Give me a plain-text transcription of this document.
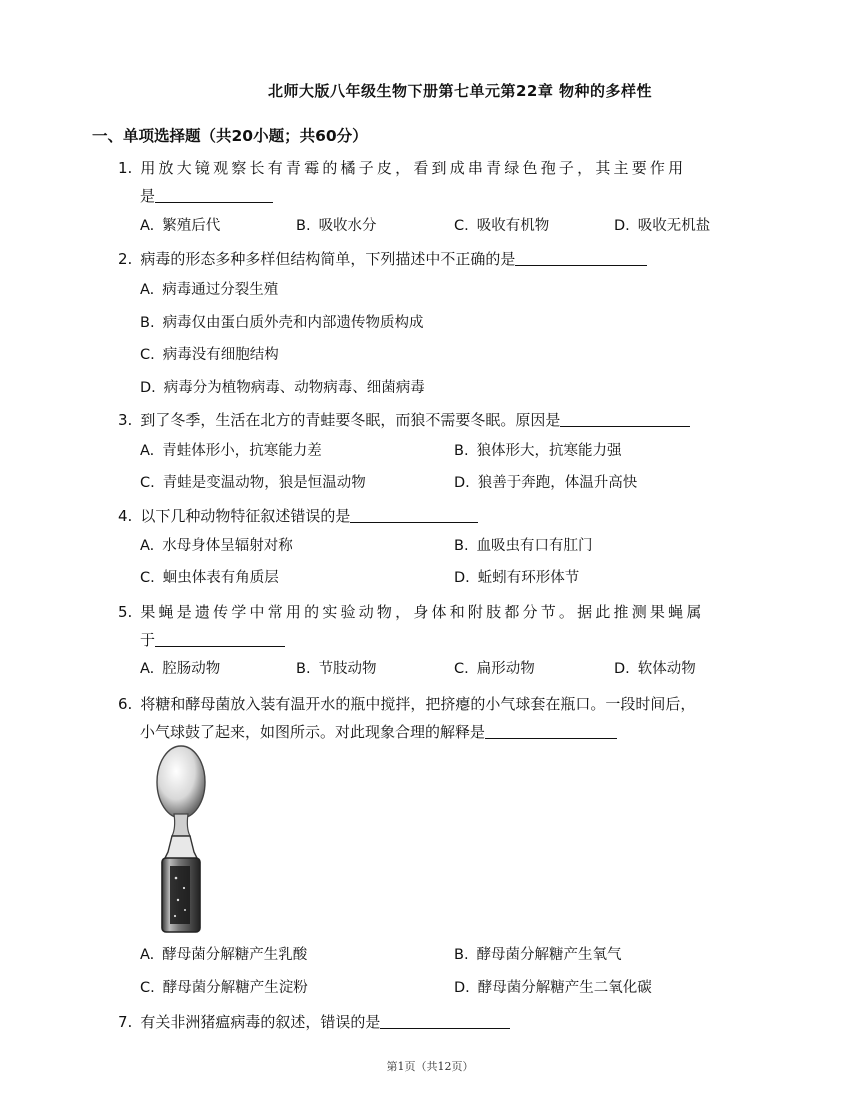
北师大版八年级生物下册第七单元第22章 物种的多样性
一、单项选择题（共20小题；共60分）
1. 用放大镜观察长有青霉的橘子皮，看到成串青绿色孢子，其主要作用
是
A. 繁殖后代	B. 吸收水分	C. 吸收有机物	D. 吸收无机盐
2. 病毒的形态多种多样但结构简单，下列描述中不正确的是
A. 病毒通过分裂生殖
B. 病毒仅由蛋白质外壳和内部遗传物质构成
C. 病毒没有细胞结构
D. 病毒分为植物病毒、动物病毒、细菌病毒
3. 到了冬季，生活在北方的青蛙要冬眠，而狼不需要冬眠。原因是
A. 青蛙体形小，抗寒能力差	B. 狼体形大，抗寒能力强
C. 青蛙是变温动物，狼是恒温动物	D. 狼善于奔跑，体温升高快
4. 以下几种动物特征叙述错误的是
A. 水母身体呈辐射对称	B. 血吸虫有口有肛门
C. 蛔虫体表有角质层	D. 蚯蚓有环形体节
5. 果蝇是遗传学中常用的实验动物，身体和附肢都分节。据此推测果蝇属
于
A. 腔肠动物	B. 节肢动物	C. 扁形动物	D. 软体动物
6. 将糖和酵母菌放入装有温开水的瓶中搅拌，把挤瘪的小气球套在瓶口。一段时间后，
小气球鼓了起来，如图所示。对此现象合理的解释是
A. 酵母菌分解糖产生乳酸	B. 酵母菌分解糖产生氧气
C. 酵母菌分解糖产生淀粉	D. 酵母菌分解糖产生二氧化碳
7. 有关非洲猪瘟病毒的叙述，错误的是
第1页（共12页）
